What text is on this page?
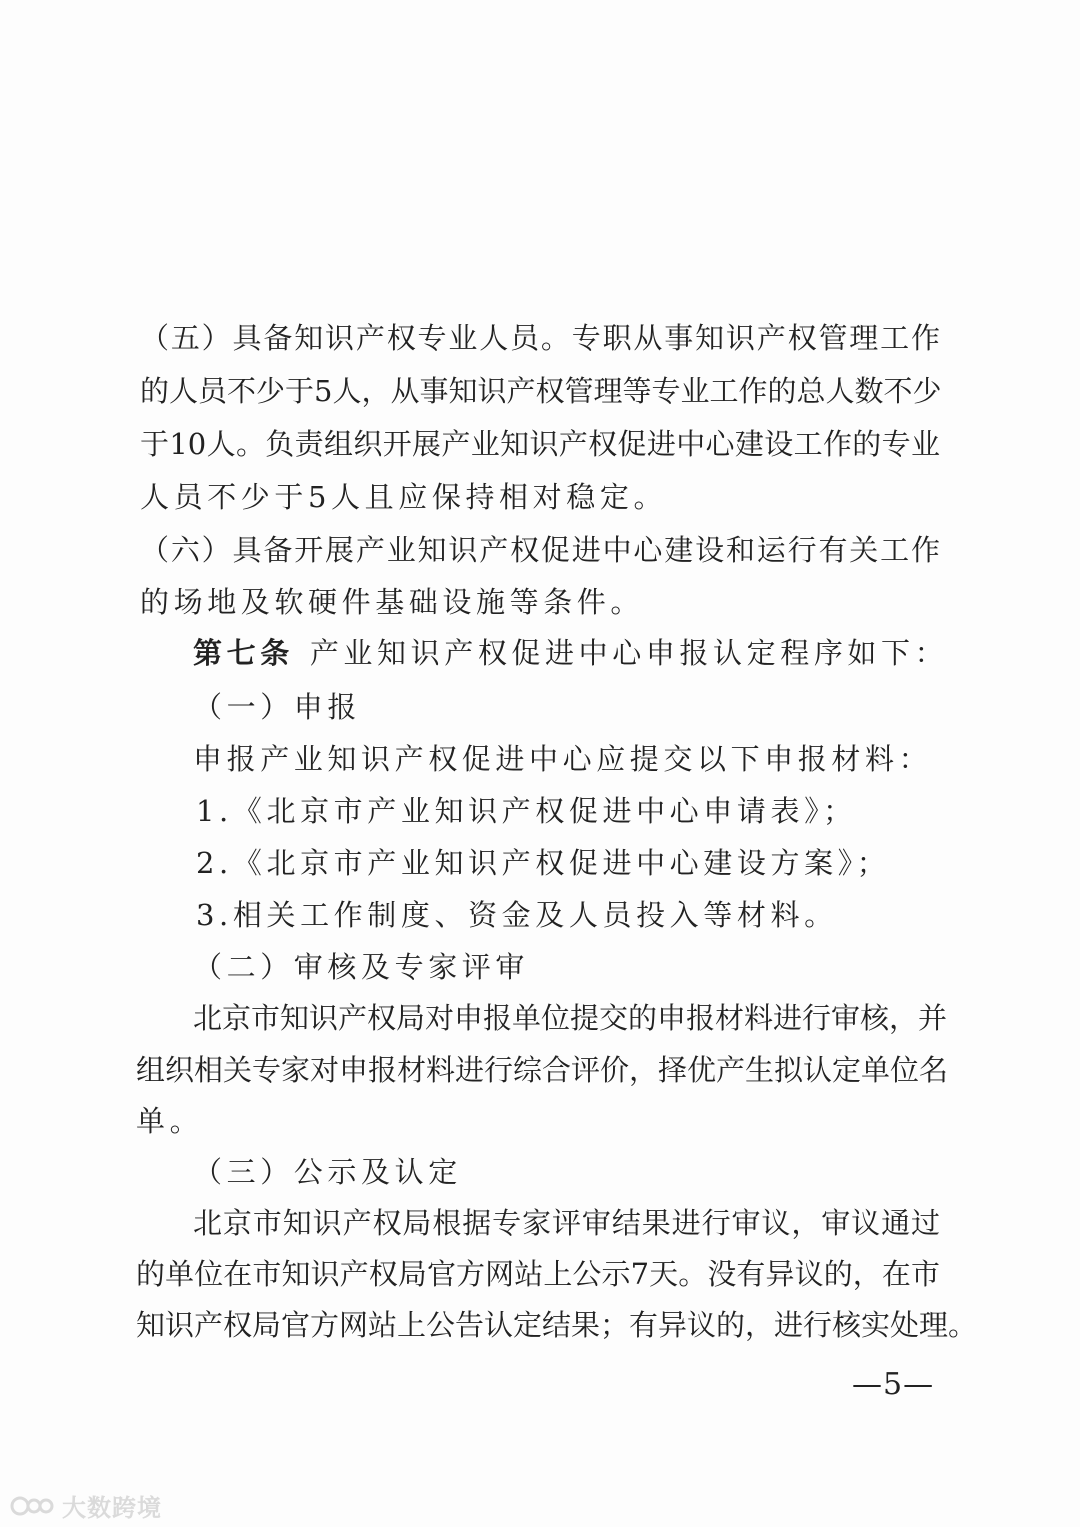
（五）具备知识产权专业人员。专职从事知识产权管理工作
的人员不少于5人，从事知识产权管理等专业工作的总人数不少
于10人。负责组织开展产业知识产权促进中心建设工作的专业
人员不少于5人且应保持相对稳定。
（六）具备开展产业知识产权促进中心建设和运行有关工作
的场地及软硬件基础设施等条件。
第七条 产业知识产权促进中心申报认定程序如下：
（一）申报
申报产业知识产权促进中心应提交以下申报材料：
1.《北京市产业知识产权促进中心申请表》；
2.《北京市产业知识产权促进中心建设方案》；
3.相关工作制度、资金及人员投入等材料。
（二）审核及专家评审
北京市知识产权局对申报单位提交的申报材料进行审核，并
组织相关专家对申报材料进行综合评价，择优产生拟认定单位名
单。
（三）公示及认定
北京市知识产权局根据专家评审结果进行审议，审议通过
的单位在市知识产权局官方网站上公示7天。没有异议的，在市
知识产权局官方网站上公告认定结果；有异议的，进行核实处理。
—5—
大数跨境
